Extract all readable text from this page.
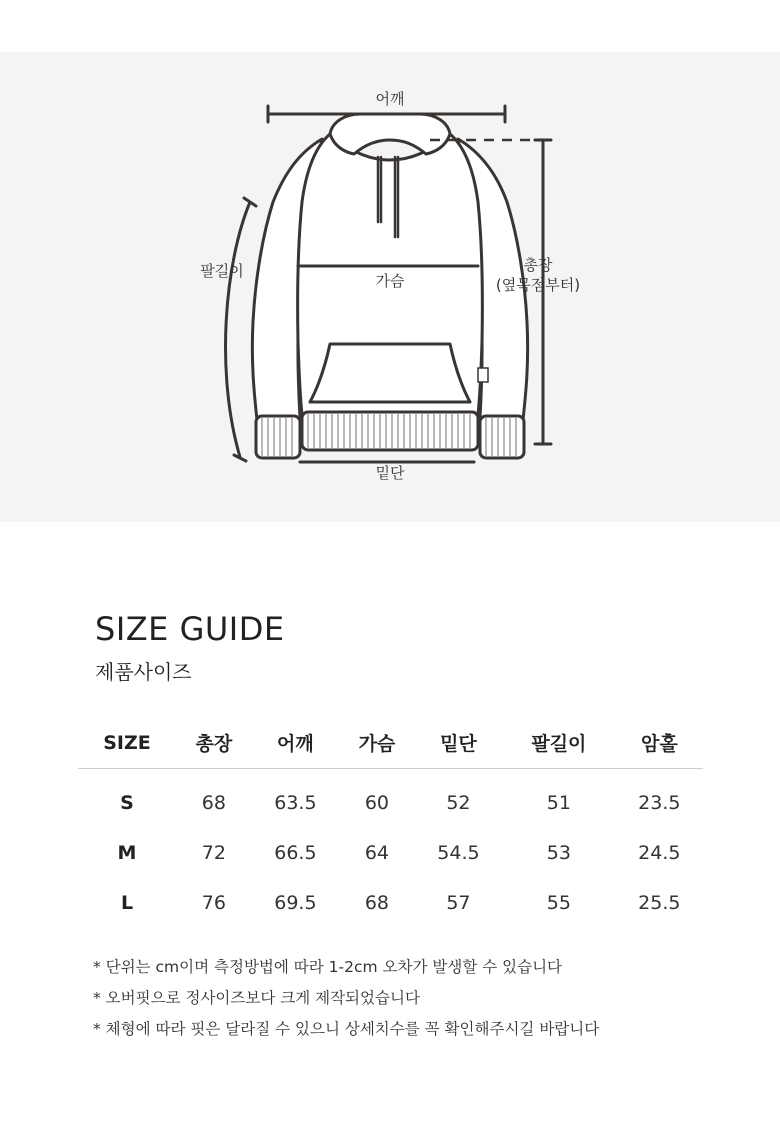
어깨
팔길이
가슴
총장
(옆목점부터)
밑단
SIZE GUIDE
제품사이즈
SIZE	총장	어깨	가슴	밑단	팔길이	암홀
S	68	63.5	60	52	51	23.5
M	72	66.5	64	54.5	53	24.5
L	76	69.5	68	57	55	25.5
* 단위는 cm이며 측정방법에 따라 1-2cm 오차가 발생할 수 있습니다
* 오버핏으로 정사이즈보다 크게 제작되었습니다
* 체형에 따라 핏은 달라질 수 있으니 상세치수를 꼭 확인해주시길 바랍니다
